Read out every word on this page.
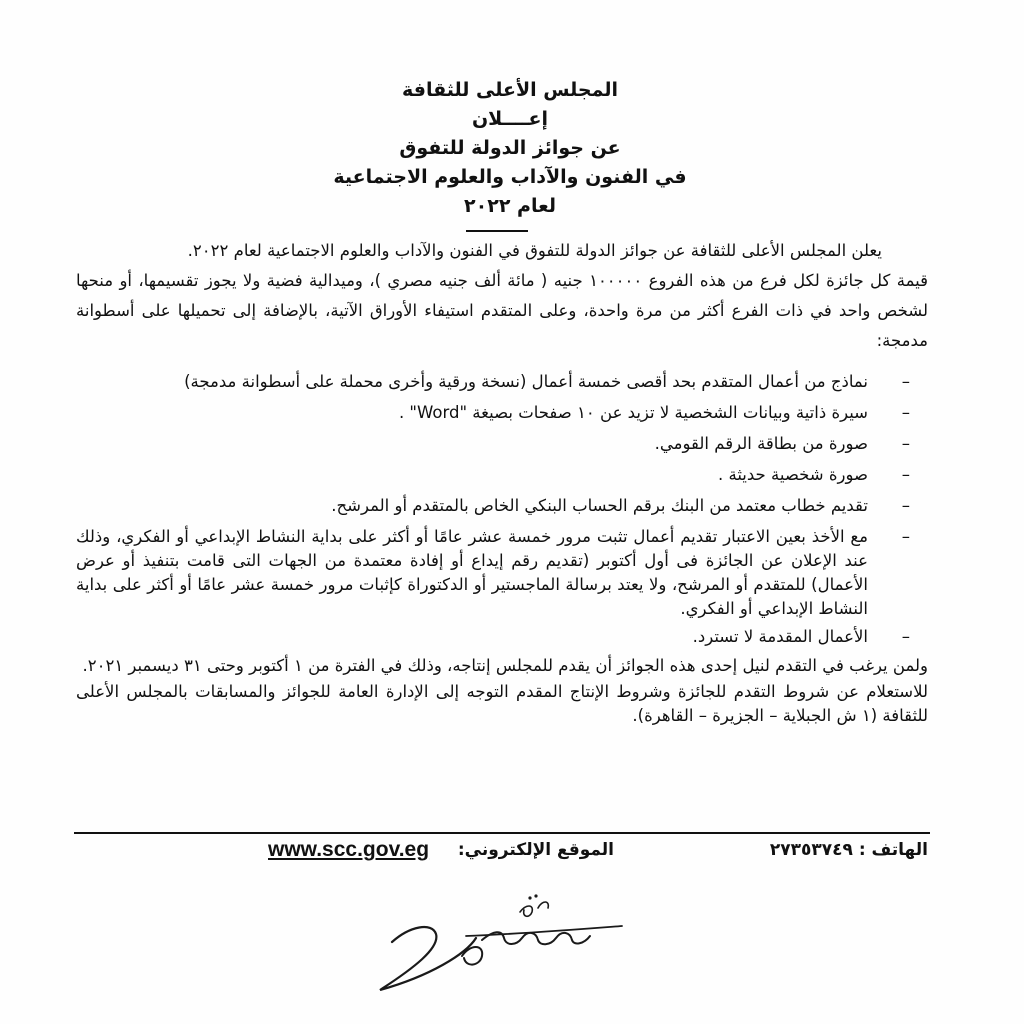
المجلس الأعلى للثقافة
إعــــلان
عن جوائز الدولة للتفوق
في الفنون والآداب والعلوم الاجتماعية
لعام ٢٠٢٢

يعلن المجلس الأعلى للثقافة عن جوائز الدولة للتفوق في الفنون والآداب والعلوم الاجتماعية لعام ٢٠٢٢.

قيمة كل جائزة لكل فرع من هذه الفروع ١٠٠٠٠٠ جنيه ( مائة ألف جنيه مصري )، وميدالية فضية ولا يجوز تقسيمها، أو منحها لشخص واحد في ذات الفرع أكثر من مرة واحدة، وعلى المتقدم استيفاء الأوراق الآتية، بالإضافة إلى تحميلها على أسطوانة مدمجة:

–
نماذج من أعمال المتقدم بحد أقصى خمسة أعمال (نسخة ورقية وأخرى محملة على أسطوانة مدمجة)
–
سيرة ذاتية وبيانات الشخصية لا تزيد عن ١٠ صفحات بصيغة "Word" .
–
صورة من بطاقة الرقم القومي.
–
صورة شخصية حديثة .
–
تقديم خطاب معتمد من البنك برقم الحساب البنكي الخاص بالمتقدم أو المرشح.
–
مع الأخذ بعين الاعتبار تقديم أعمال تثبت مرور خمسة عشر عامًا أو أكثر على بداية النشاط الإبداعي أو الفكري، وذلك عند الإعلان عن الجائزة فى أول أكتوبر (تقديم رقم إيداع أو إفادة معتمدة من الجهات التى قامت بتنفيذ أو عرض الأعمال) للمتقدم أو المرشح، ولا يعتد برسالة الماجستير أو الدكتوراة كإثبات مرور خمسة عشر عامًا أو أكثر على بداية النشاط الإبداعي أو الفكري.
–
الأعمال المقدمة لا تسترد.

ولمن يرغب في التقدم لنيل إحدى هذه الجوائز أن يقدم للمجلس إنتاجه، وذلك في الفترة من ١ أكتوبر وحتى ٣١ ديسمبر ٢٠٢١.

للاستعلام عن شروط التقدم للجائزة وشروط الإنتاج المقدم التوجه إلى الإدارة العامة للجوائز والمسابقات بالمجلس الأعلى للثقافة (١ ش الجبلاية – الجزيرة – القاهرة).

الهاتف : ٢٧٣٥٣٧٤٩
الموقع الإلكتروني:
www.scc.gov.eg
